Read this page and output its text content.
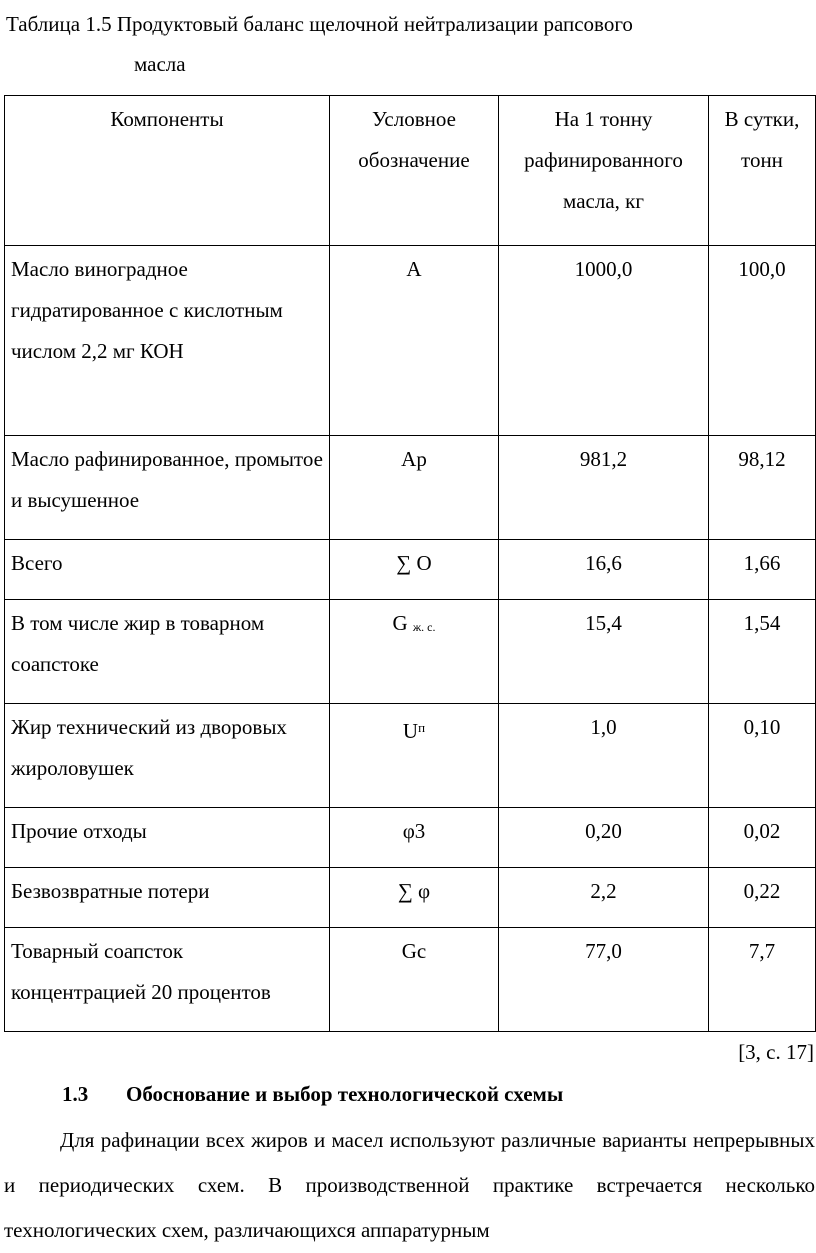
Таблица 1.5 Продуктовый баланс щелочной нейтрализации рапсового
масла
Компоненты	Условное обозначение	На 1 тонну рафинированного масла, кг	В сутки, тонн
Масло виноградное гидратированное с кислотным числом 2,2 мг КОН	А	1000,0	100,0
Масло рафинированное, промытое и высушенное	Ар	981,2	98,12
Всего	∑ О	16,6	1,66
В том числе жир в товарном соапстоке	G $_{ж. с.}$	15,4	1,54
Жир технический из дворовых жироловушек	$U^п$	1,0	0,10
Прочие отходы	φ3	0,20	0,02
Безвозвратные потери	∑ φ	2,2	0,22
Товарный соапсток концентрацией 20 процентов	Gс	77,0	7,7
[3, с. 17]
1.3 Обоснование и выбор технологической схемы

Для рафинации всех жиров и масел используют различные варианты непрерывных и периодических схем. В производственной практике встречается несколько технологических схем, различающихся аппаратурным
